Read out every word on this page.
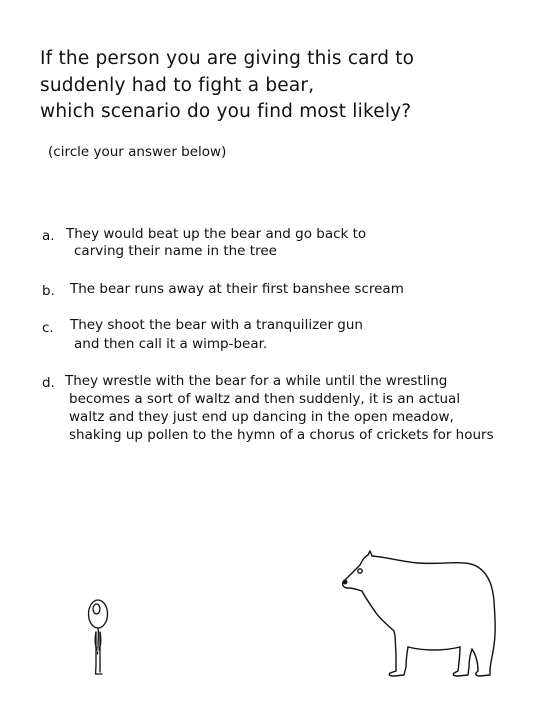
If the person you are giving this card to
suddenly had to fight a bear,
which scenario do you find most likely?
(circle your answer below)
a. They would beat up the bear and go back to
carving their name in the tree
b. The bear runs away at their first banshee scream
c. They shoot the bear with a tranquilizer gun
and then call it a wimp-bear.
d. They wrestle with the bear for a while until the wrestling
becomes a sort of waltz and then suddenly, it is an actual
waltz and they just end up dancing in the open meadow,
shaking up pollen to the hymn of a chorus of crickets for hours
